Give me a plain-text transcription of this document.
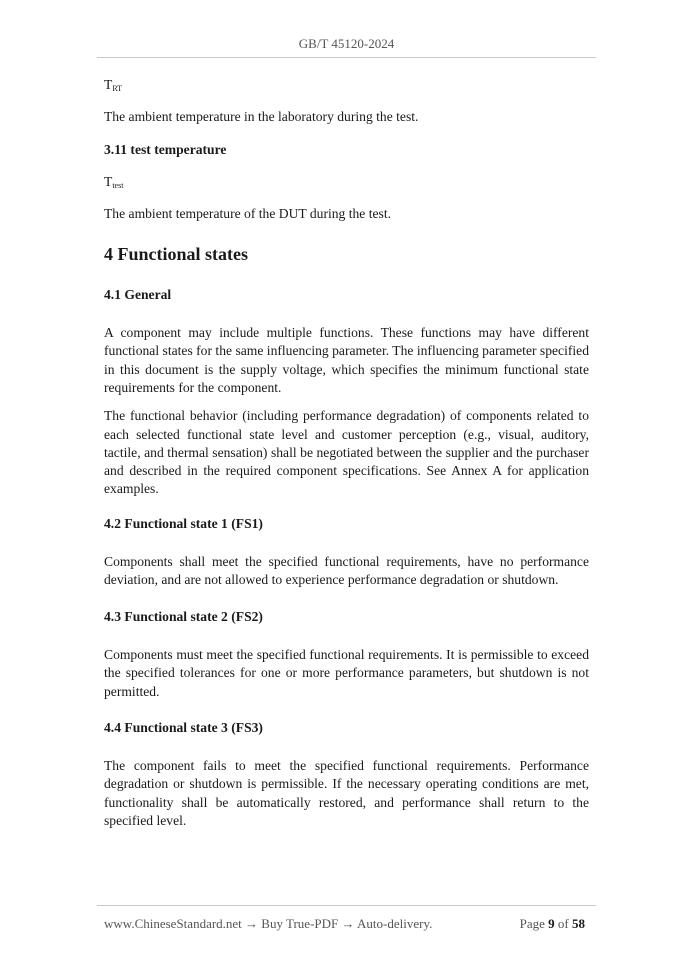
GB/T 45120-2024

$T_{RT}$

The ambient temperature in the laboratory during the test.

3.11 test temperature

$T_{test}$

The ambient temperature of the DUT during the test.

4 Functional states
4.1 General

A component may include multiple functions. These functions may have different functional states for the same influencing parameter. The influencing parameter specified in this document is the supply voltage, which specifies the minimum functional state requirements for the component.

The functional behavior (including performance degradation) of components related to each selected functional state level and customer perception (e.g., visual, auditory, tactile, and thermal sensation) shall be negotiated between the supplier and the purchaser and described in the required component specifications. See Annex A for application examples.

4.2 Functional state 1 (FS1)

Components shall meet the specified functional requirements, have no performance deviation, and are not allowed to experience performance degradation or shutdown.

4.3 Functional state 2 (FS2)

Components must meet the specified functional requirements. It is permissible to exceed the specified tolerances for one or more performance parameters, but shutdown is not permitted.

4.4 Functional state 3 (FS3)

The component fails to meet the specified functional requirements. Performance degradation or shutdown is permissible. If the necessary operating conditions are met, functionality shall be automatically restored, and performance shall return to the specified level.

www.ChineseStandard.net → Buy True-PDF → Auto-delivery.	Page 9 of 58
